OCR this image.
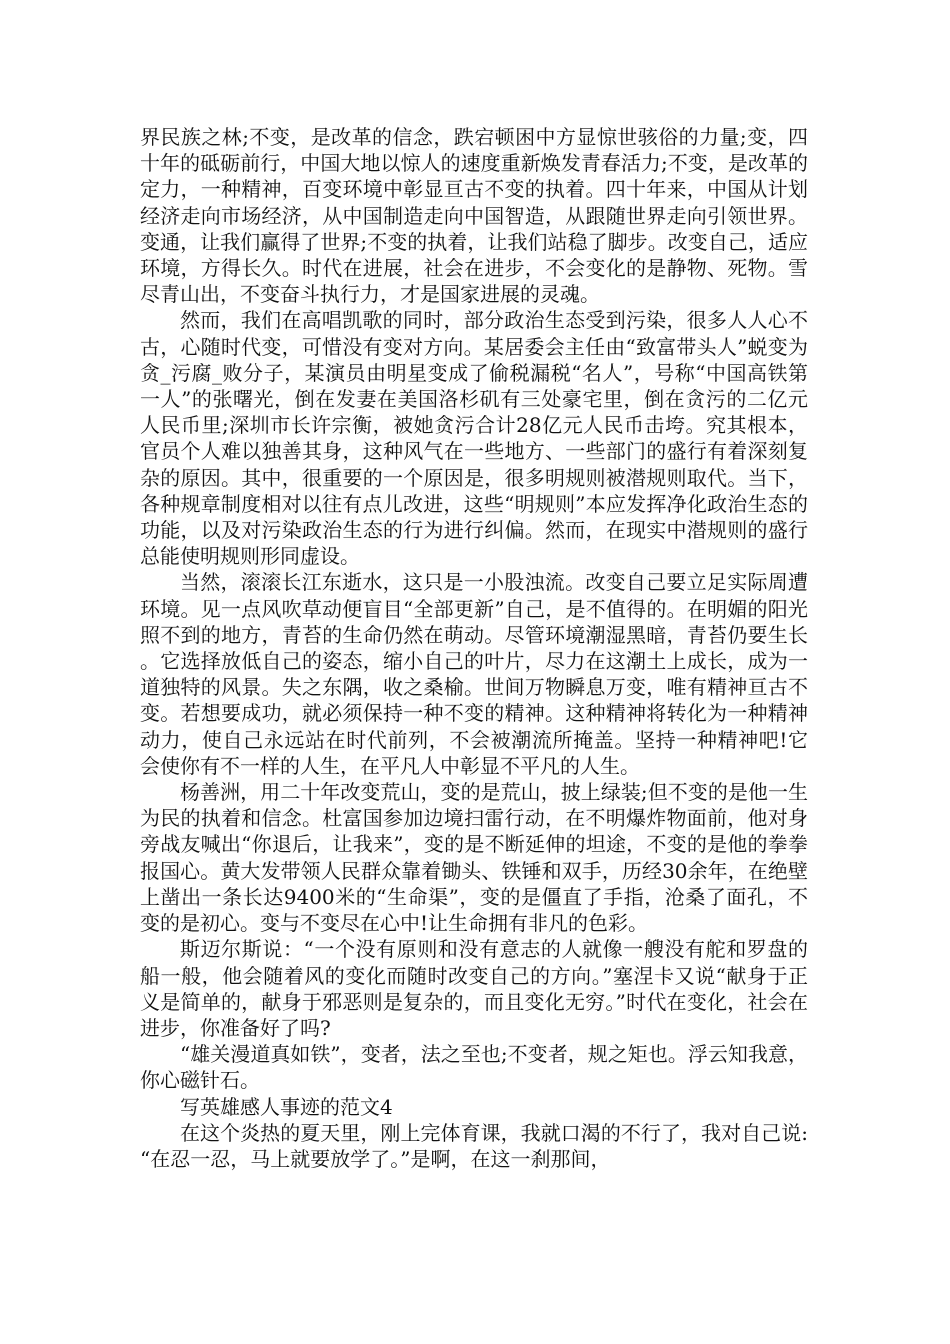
界民族之林;不变，是改革的信念，跌宕顿困中方显惊世骇俗的力量;变，四十年的砥砺前行，中国大地以惊人的速度重新焕发青春活力;不变，是改革的定力，一种精神，百变环境中彰显亘古不变的执着。四十年来，中国从计划经济走向市场经济，从中国制造走向中国智造，从跟随世界走向引领世界。变通，让我们赢得了世界;不变的执着，让我们站稳了脚步。改变自己，适应环境，方得长久。时代在进展，社会在进步，不会变化的是静物、死物。雪尽青山出，不变奋斗执行力，才是国家进展的灵魂。

然而，我们在高唱凯歌的同时，部分政治生态受到污染，很多人人心不古，心随时代变，可惜没有变对方向。某居委会主任由“致富带头人”蜕变为贪_污腐_败分子，某演员由明星变成了偷税漏税“名人”，号称“中国高铁第一人”的张曙光，倒在发妻在美国洛杉矶有三处豪宅里，倒在贪污的二亿元人民币里;深圳市长许宗衡，被她贪污合计28亿元人民币击垮。究其根本，官员个人难以独善其身，这种风气在一些地方、一些部门的盛行有着深刻复杂的原因。其中，很重要的一个原因是，很多明规则被潜规则取代。当下，各种规章制度相对以往有点儿改进，这些“明规则”本应发挥净化政治生态的功能，以及对污染政治生态的行为进行纠偏。然而，在现实中潜规则的盛行总能使明规则形同虚设。

当然，滚滚长江东逝水，这只是一小股浊流。改变自己要立足实际周遭环境。见一点风吹草动便盲目“全部更新”自己，是不值得的。在明媚的阳光照不到的地方，青苔的生命仍然在萌动。尽管环境潮湿黑暗，青苔仍要生长。它选择放低自己的姿态，缩小自己的叶片，尽力在这潮土上成长，成为一道独特的风景。失之东隅，收之桑榆。世间万物瞬息万变，唯有精神亘古不变。若想要成功，就必须保持一种不变的精神。这种精神将转化为一种精神动力，使自己永远站在时代前列，不会被潮流所掩盖。坚持一种精神吧!它会使你有不一样的人生，在平凡人中彰显不平凡的人生。

杨善洲，用二十年改变荒山，变的是荒山，披上绿装;但不变的是他一生为民的执着和信念。杜富国参加边境扫雷行动，在不明爆炸物面前，他对身旁战友喊出“你退后，让我来”，变的是不断延伸的坦途，不变的是他的拳拳报国心。黄大发带领人民群众靠着锄头、铁锤和双手，历经30余年，在绝壁上凿出一条长达9400米的“生命渠”，变的是僵直了手指，沧桑了面孔，不变的是初心。变与不变尽在心中!让生命拥有非凡的色彩。

斯迈尔斯说：“一个没有原则和没有意志的人就像一艘没有舵和罗盘的船一般，他会随着风的变化而随时改变自己的方向。”塞涅卡又说“献身于正义是简单的，献身于邪恶则是复杂的，而且变化无穷。”时代在变化，社会在进步，你准备好了吗?

“雄关漫道真如铁”，变者，法之至也;不变者，规之矩也。浮云知我意，你心磁针石。

写英雄感人事迹的范文4

在这个炎热的夏天里，刚上完体育课，我就口渴的不行了，我对自己说:“在忍一忍，马上就要放学了。”是啊，在这一刹那间，
